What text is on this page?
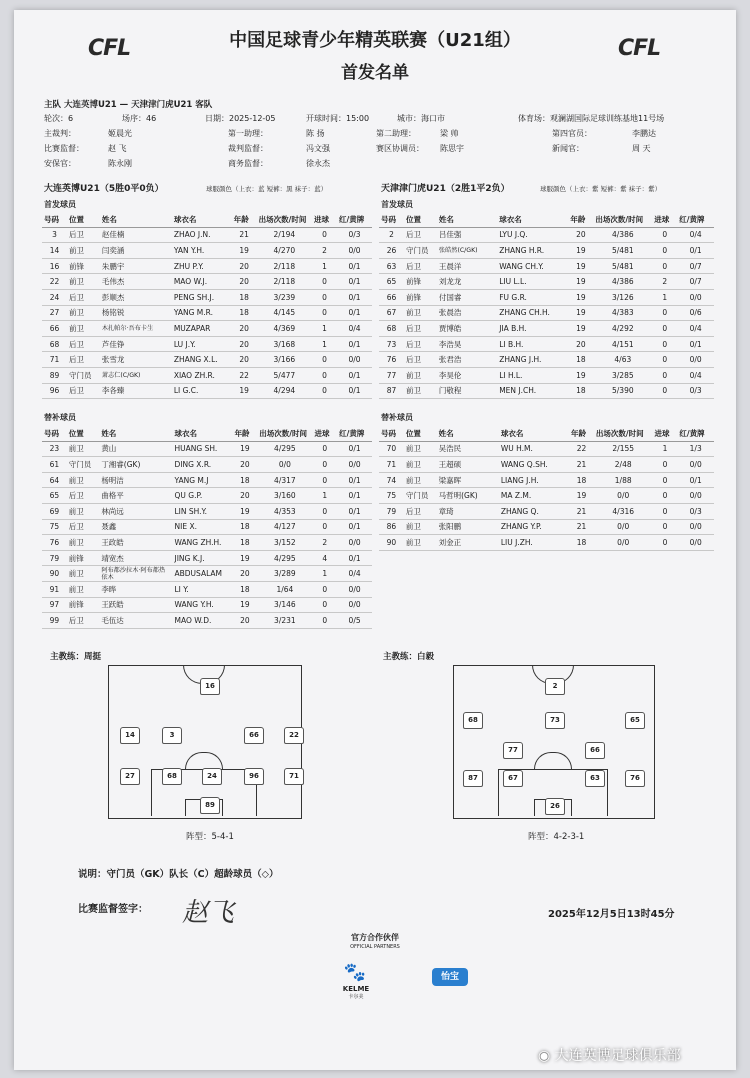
CFL	CFL
中国足球青少年精英联赛（U21组）
首发名单
主队 大连英博U21 — 天津津门虎U21 客队
轮次：6	场序：46	日期：2025-12-05	开球时间：15:00	城市：海口市	体育场：观澜湖国际足球训练基地11号场
主裁判：	姬晨光	第一助理：	陈 扬	第二助理：	梁 帅	第四官员：	李鹏达
比赛监督：	赵 飞	裁判监督：	冯文强	赛区协调员： 陈思宇	新闻官：	周 天
安保官：	陈永刚	商务监督：	徐永杰
大连英博U21（5胜0平0负）	球服颜色（上衣：蓝 短裤：黑 袜子：蓝）	天津津门虎U21（2胜1平2负）	球服颜色（上衣：紫 短裤：紫 袜子：紫）
首发球员	首发球员
替补球员	替补球员
号码	位置	姓名	球衣名	年龄	出场次数/时间	进球	红/黄牌
3	后卫	赵佳楠	ZHAO J.N.	21	2/194	0	0/3
14	前卫	闫奕涵	YAN Y.H.	19	4/270	2	0/0
16	前锋	朱鹏宇	ZHU P.Y.	20	2/118	1	0/1
22	前卫	毛伟杰	MAO W.J.	20	2/118	0	0/1
24	后卫	彭顺杰	PENG SH.J.	18	3/239	0	0/1
27	前卫	杨铭锐	YANG M.R.	18	4/145	0	0/1
66	前卫	木扎帕尔·吾布卡生	MUZAPAR	20	4/369	1	0/4
68	后卫	芦佳铮	LU J.Y.	20	3/168	1	0/1
71	后卫	张雪龙	ZHANG X.L.	20	3/166	0	0/0
89	守门员	萧志仁(C/GK)	XIAO ZH.R.	22	5/477	0	0/1
96	后卫	李各臻	LI G.C.	19	4/294	0	0/1
号码	位置	姓名	球衣名	年龄	出场次数/时间	进球	红/黄牌
2	后卫	吕佳强	LYU J.Q.	20	4/386	0	0/4
26	守门员	张皓然(C/GK)	ZHANG H.R.	19	5/481	0	0/1
63	后卫	王晨洋	WANG CH.Y.	19	5/481	0	0/7
65	前锋	刘龙龙	LIU L.L.	19	4/386	2	0/7
66	前锋	付国睿	FU G.R.	19	3/126	1	0/0
67	前卫	张晨浩	ZHANG CH.H.	19	4/383	0	0/6
68	后卫	贾博皓	JIA B.H.	19	4/292	0	0/4
73	后卫	李浩昊	LI B.H.	20	4/151	0	0/1
76	后卫	张君浩	ZHANG J.H.	18	4/63	0	0/0
77	前卫	李昊伦	LI H.L.	19	3/285	0	0/4
87	前卫	门敬程	MEN J.CH.	18	5/390	0	0/3
号码	位置	姓名	球衣名	年龄	出场次数/时间	进球	红/黄牌
23	前卫	黄山	HUANG SH.	19	4/295	0	0/1
61	守门员	丁湘睿(GK)	DING X.R.	20	0/0	0	0/0
64	前卫	杨明洁	YANG M.J	18	4/317	0	0/1
65	后卫	曲格平	QU G.P.	20	3/160	1	0/1
69	前卫	林尚远	LIN SH.Y.	19	4/353	0	0/1
75	后卫	聂鑫	NIE X.	18	4/127	0	0/1
76	前卫	王政皓	WANG ZH.H.	18	3/152	2	0/0
79	前锋	靖宽杰	JING K.J.	19	4/295	4	0/1
90	前卫	阿布都沙拉木·阿布都热依木	ABDUSALAM	20	3/289	1	0/4
91	前卫	李晔	LI Y.	18	1/64	0	0/0
97	前锋	王跃皓	WANG Y.H.	19	3/146	0	0/0
99	后卫	毛伍达	MAO W.D.	20	3/231	0	0/5
号码	位置	姓名	球衣名	年龄	出场次数/时间	进球	红/黄牌
70	前卫	吴浩民	WU H.M.	22	2/155	1	1/3
71	前卫	王超硕	WANG Q.SH.	21	2/48	0	0/0
74	前卫	梁嘉晖	LIANG J.H.	18	1/88	0	0/1
75	守门员	马哲明(GK)	MA Z.M.	19	0/0	0	0/0
79	后卫	章琦	ZHANG Q.	21	4/316	0	0/3
86	前卫	张阳鹏	ZHANG Y.P.	21	0/0	0	0/0
90	前卫	刘金正	LIU J.ZH.	18	0/0	0	0/0
主教练：周挺	主教练：白毅
16
14	3	66	22
27	68	24	96	71
89
2
68	73	65
77	66
87	67	63	76
26
阵型：5-4-1	阵型：4-2-3-1
说明：守门员（GK）队长（C）超龄球员（◇）
比赛监督签字： 赵飞	2025年12月5日13时45分
官方合作伙伴
OFFICIAL PARTNERS
🐾
KELME
卡尔美
怡宝
◉ 大连英博足球俱乐部
